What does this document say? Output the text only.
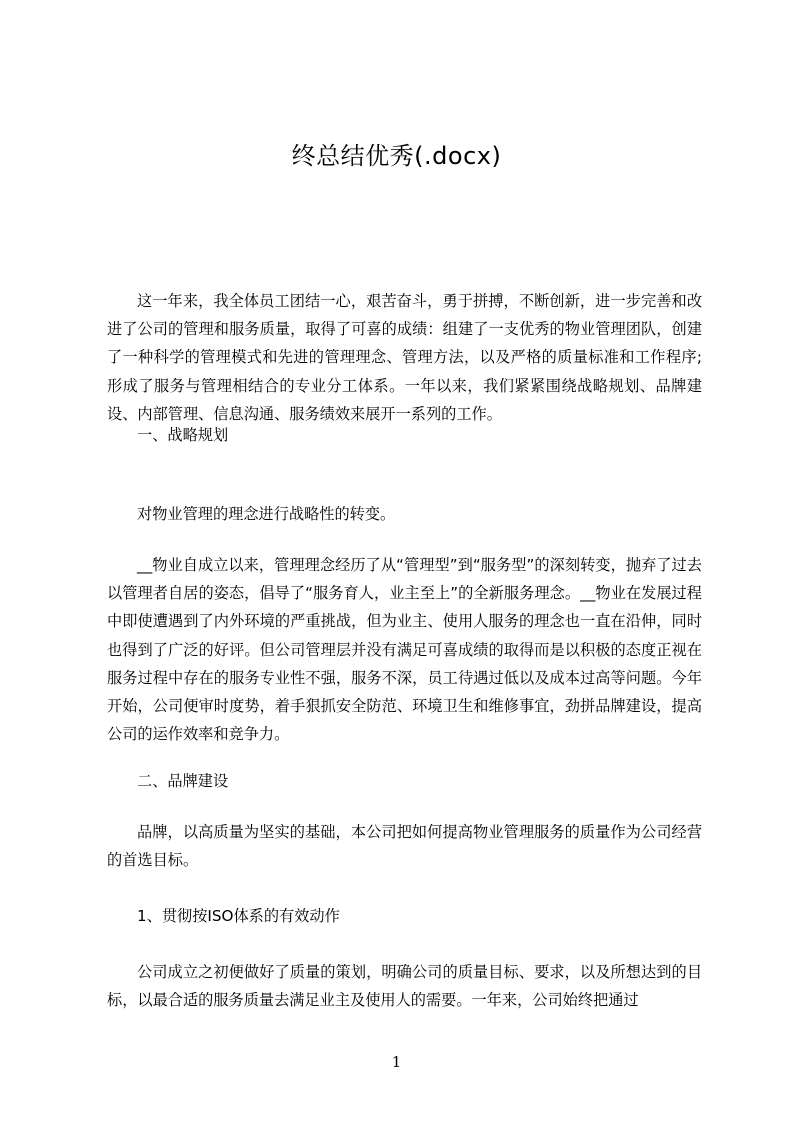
终总结优秀(.docx)

这一年来，我全体员工团结一心，艰苦奋斗，勇于拼搏，不断创新，进一步完善和改进了公司的管理和服务质量，取得了可喜的成绩：组建了一支优秀的物业管理团队，创建了一种科学的管理模式和先进的管理理念、管理方法，以及严格的质量标准和工作程序;形成了服务与管理相结合的专业分工体系。一年以来，我们紧紧围绕战略规划、品牌建设、内部管理、信息沟通、服务绩效来展开一系列的工作。

一、战略规划

对物业管理的理念进行战略性的转变。

__物业自成立以来，管理理念经历了从“管理型”到“服务型”的深刻转变，抛弃了过去以管理者自居的姿态，倡导了“服务育人，业主至上”的全新服务理念。__物业在发展过程中即使遭遇到了内外环境的严重挑战，但为业主、使用人服务的理念也一直在沿伸，同时也得到了广泛的好评。但公司管理层并没有满足可喜成绩的取得而是以积极的态度正视在服务过程中存在的服务专业性不强，服务不深，员工待遇过低以及成本过高等问题。今年开始，公司便审时度势，着手狠抓安全防范、环境卫生和维修事宜，劲拼品牌建设，提高公司的运作效率和竞争力。

二、品牌建设

品牌，以高质量为坚实的基础，本公司把如何提高物业管理服务的质量作为公司经营的首选目标。

1、贯彻按ISO体系的有效动作

公司成立之初便做好了质量的策划，明确公司的质量目标、要求，以及所想达到的目标，以最合适的服务质量去满足业主及使用人的需要。一年来，公司始终把通过

1
